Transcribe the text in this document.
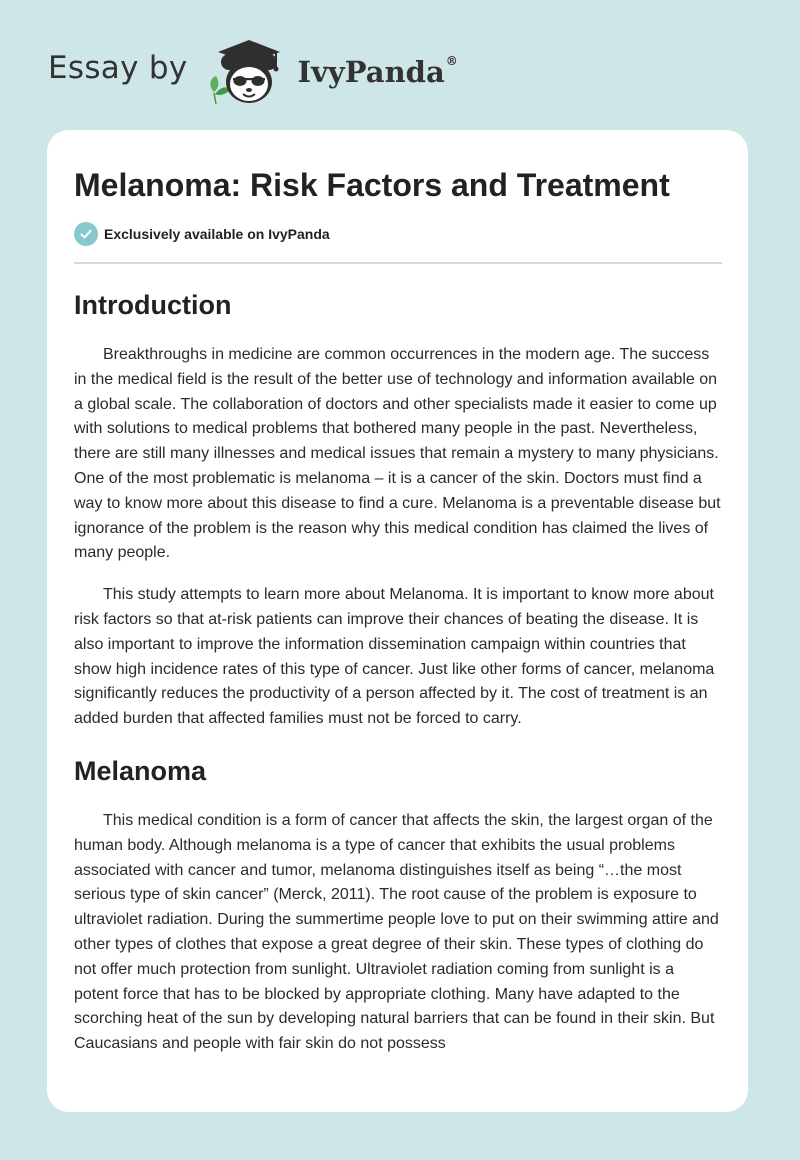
Essay by	IvyPanda®
Melanoma: Risk Factors and Treatment
Exclusively available on IvyPanda
Introduction

Breakthroughs in medicine are common occurrences in the modern age. The success in the medical field is the result of the better use of technology and information available on a global scale. The collaboration of doctors and other specialists made it easier to come up with solutions to medical problems that bothered many people in the past. Nevertheless, there are still many illnesses and medical issues that remain a mystery to many physicians. One of the most problematic is melanoma – it is a cancer of the skin. Doctors must find a way to know more about this disease to find a cure. Melanoma is a preventable disease but ignorance of the problem is the reason why this medical condition has claimed the lives of many people.

This study attempts to learn more about Melanoma. It is important to know more about risk factors so that at-risk patients can improve their chances of beating the disease. It is also important to improve the information dissemination campaign within countries that show high incidence rates of this type of cancer. Just like other forms of cancer, melanoma significantly reduces the productivity of a person affected by it. The cost of treatment is an added burden that affected families must not be forced to carry.

Melanoma

This medical condition is a form of cancer that affects the skin, the largest organ of the human body. Although melanoma is a type of cancer that exhibits the usual problems associated with cancer and tumor, melanoma distinguishes itself as being “…the most serious type of skin cancer” (Merck, 2011). The root cause of the problem is exposure to ultraviolet radiation. During the summertime people love to put on their swimming attire and other types of clothes that expose a great degree of their skin. These types of clothing do not offer much protection from sunlight. Ultraviolet radiation coming from sunlight is a potent force that has to be blocked by appropriate clothing. Many have adapted to the scorching heat of the sun by developing natural barriers that can be found in their skin. But Caucasians and people with fair skin do not possess
